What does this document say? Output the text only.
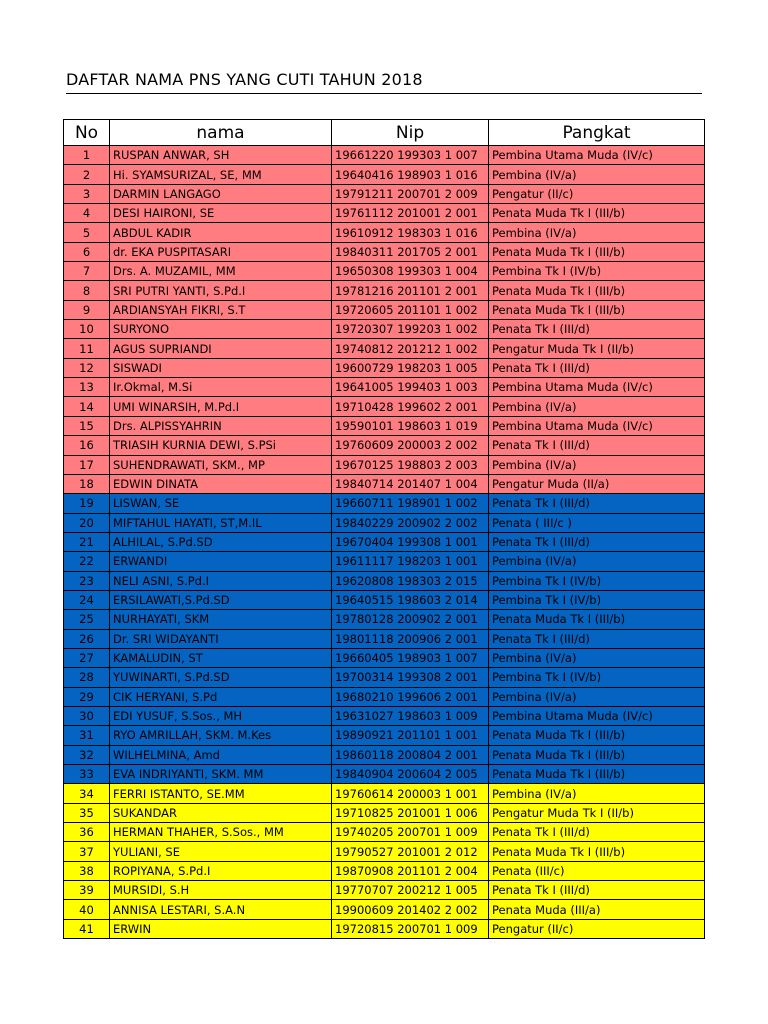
DAFTAR NAMA PNS YANG CUTI TAHUN 2018
No	nama	Nip	Pangkat
1	RUSPAN ANWAR, SH	19661220 199303 1 007	Pembina Utama Muda (IV/c)
2	Hi. SYAMSURIZAL, SE, MM	19640416 198903 1 016	Pembina (IV/a)
3	DARMIN LANGAGO	19791211 200701 2 009	Pengatur (II/c)
4	DESI HAIRONI, SE	19761112 201001 2 001	Penata Muda Tk I (III/b)
5	ABDUL KADIR	19610912 198303 1 016	Pembina (IV/a)
6	dr. EKA PUSPITASARI	19840311 201705 2 001	Penata Muda Tk I (III/b)
7	Drs. A. MUZAMIL, MM	19650308 199303 1 004	Pembina Tk I (IV/b)
8	SRI PUTRI YANTI, S.Pd.I	19781216 201101 2 001	Penata Muda Tk I (III/b)
9	ARDIANSYAH FIKRI, S.T	19720605 201101 1 002	Penata Muda Tk I (III/b)
10	SURYONO	19720307 199203 1 002	Penata Tk I (III/d)
11	AGUS SUPRIANDI	19740812 201212 1 002	Pengatur Muda Tk I (II/b)
12	SISWADI	19600729 198203 1 005	Penata Tk I (III/d)
13	Ir.Okmal, M.Si	19641005 199403 1 003	Pembina Utama Muda (IV/c)
14	UMI WINARSIH, M.Pd.I	19710428 199602 2 001	Pembina (IV/a)
15	Drs. ALPISSYAHRIN	19590101 198603 1 019	Pembina Utama Muda (IV/c)
16	TRIASIH KURNIA DEWI, S.PSi	19760609 200003 2 002	Penata Tk I (III/d)
17	SUHENDRAWATI, SKM., MP	19670125 198803 2 003	Pembina (IV/a)
18	EDWIN DINATA	19840714 201407 1 004	Pengatur Muda (II/a)
19	LISWAN, SE	19660711 198901 1 002	Penata Tk I (III/d)
20	MIFTAHUL HAYATI, ST,M.IL	19840229 200902 2 002	Penata ( III/c )
21	ALHILAL, S.Pd.SD	19670404 199308 1 001	Penata Tk I (III/d)
22	ERWANDI	19611117 198203 1 001	Pembina (IV/a)
23	NELI ASNI, S.Pd.I	19620808 198303 2 015	Pembina Tk I (IV/b)
24	ERSILAWATI,S.Pd.SD	19640515 198603 2 014	Pembina Tk I (IV/b)
25	NURHAYATI, SKM	19780128 200902 2 001	Penata Muda Tk I (III/b)
26	Dr. SRI WIDAYANTI	19801118 200906 2 001	Penata Tk I (III/d)
27	KAMALUDIN, ST	19660405 198903 1 007	Pembina (IV/a)
28	YUWINARTI, S.Pd.SD	19700314 199308 2 001	Pembina Tk I (IV/b)
29	CIK HERYANI, S.Pd	19680210 199606 2 001	Pembina (IV/a)
30	EDI YUSUF, S.Sos., MH	19631027 198603 1 009	Pembina Utama Muda (IV/c)
31	RYO AMRILLAH, SKM. M.Kes	19890921 201101 1 001	Penata Muda Tk I (III/b)
32	WILHELMINA, Amd	19860118 200804 2 001	Penata Muda Tk I (III/b)
33	EVA INDRIYANTI, SKM. MM	19840904 200604 2 005	Penata Muda Tk I (III/b)
34	FERRI ISTANTO, SE.MM	19760614 200003 1 001	Pembina (IV/a)
35	SUKANDAR	19710825 201001 1 006	Pengatur Muda Tk I (II/b)
36	HERMAN THAHER, S.Sos., MM	19740205 200701 1 009	Penata Tk I (III/d)
37	YULIANI, SE	19790527 201001 2 012	Penata Muda Tk I (III/b)
38	ROPIYANA, S.Pd.I	19870908 201101 2 004	Penata (III/c)
39	MURSIDI, S.H	19770707 200212 1 005	Penata Tk I (III/d)
40	ANNISA LESTARI, S.A.N	19900609 201402 2 002	Penata Muda (III/a)
41	ERWIN	19720815 200701 1 009	Pengatur (II/c)
